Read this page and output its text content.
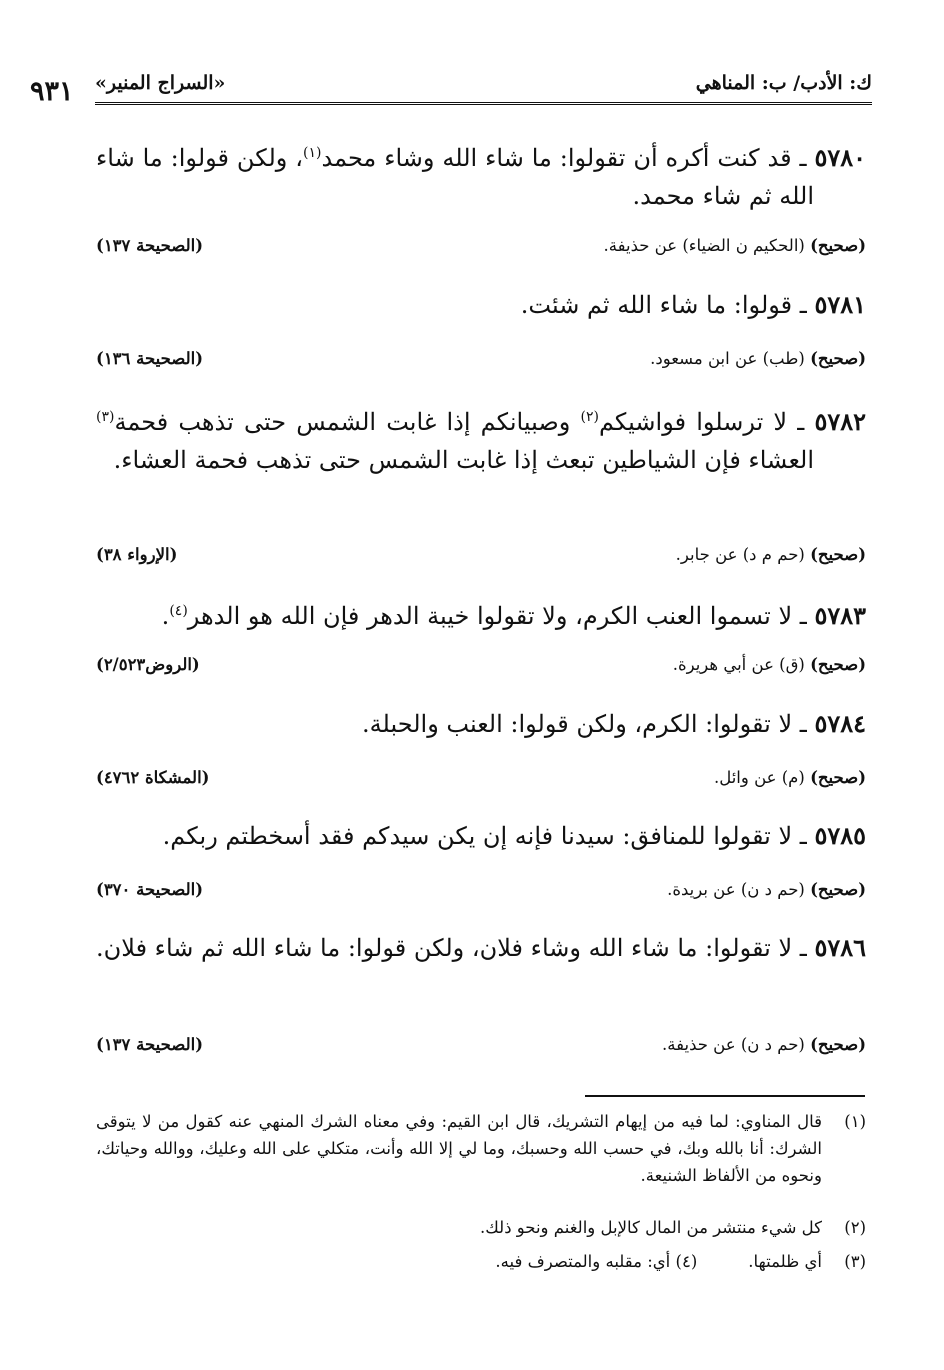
٩٣١ «السراج المنير»	ك: الأدب/ ب: المناهي
٥٧٨٠ ـ قد كنت أكره أن تقولوا: ما شاء الله وشاء محمد$^{(١)}$، ولكن قولوا: ما شاء الله ثم شاء محمد.
(صحيح) (الحكيم ن الضياء) عن حذيفة.
(الصحيحة ١٣٧)
٥٧٨١ ـ قولوا: ما شاء الله ثم شئت.
(صحيح) (طب) عن ابن مسعود.
(الصحيحة ١٣٦)
٥٧٨٢ ـ لا ترسلوا فواشيكم$^{(٢)}$ وصبيانكم إذا غابت الشمس حتى تذهب فحمة$^{(٣)}$ العشاء فإن الشياطين تبعث إذا غابت الشمس حتى تذهب فحمة العشاء.
(صحيح) (حم م د) عن جابر.
(الإرواء ٣٨)
٥٧٨٣ ـ لا تسموا العنب الكرم، ولا تقولوا خيبة الدهر فإن الله هو الدهر$^{(٤)}$.
(صحيح) (ق) عن أبي هريرة.
(الروض٢/٥٢٣)
٥٧٨٤ ـ لا تقولوا: الكرم، ولكن قولوا: العنب والحبلة.
(صحيح) (م) عن وائل.
(المشكاة ٤٧٦٢)
٥٧٨٥ ـ لا تقولوا للمنافق: سيدنا فإنه إن يكن سيدكم فقد أسخطتم ربكم.
(صحيح) (حم د ن) عن بريدة.
(الصحيحة ٣٧٠)
٥٧٨٦ ـ لا تقولوا: ما شاء الله وشاء فلان، ولكن قولوا: ما شاء الله ثم شاء فلان.
(صحيح) (حم د ن) عن حذيفة.
(الصحيحة ١٣٧)
(١)قال المناوي: لما فيه من إيهام التشريك، قال ابن القيم: وفي معناه الشرك المنهي عنه كقول من لا يتوقى الشرك: أنا بالله وبك، في حسب الله وحسبك، وما لي إلا الله وأنت، متكلي على الله وعليك، ووالله وحياتك، ونحوه من الألفاظ الشنيعة.
(٢)كل شيء منتشر من المال كالإبل والغنم ونحو ذلك.
(٣)أي ظلمتها.(٤) أي: مقلبه والمتصرف فيه.
